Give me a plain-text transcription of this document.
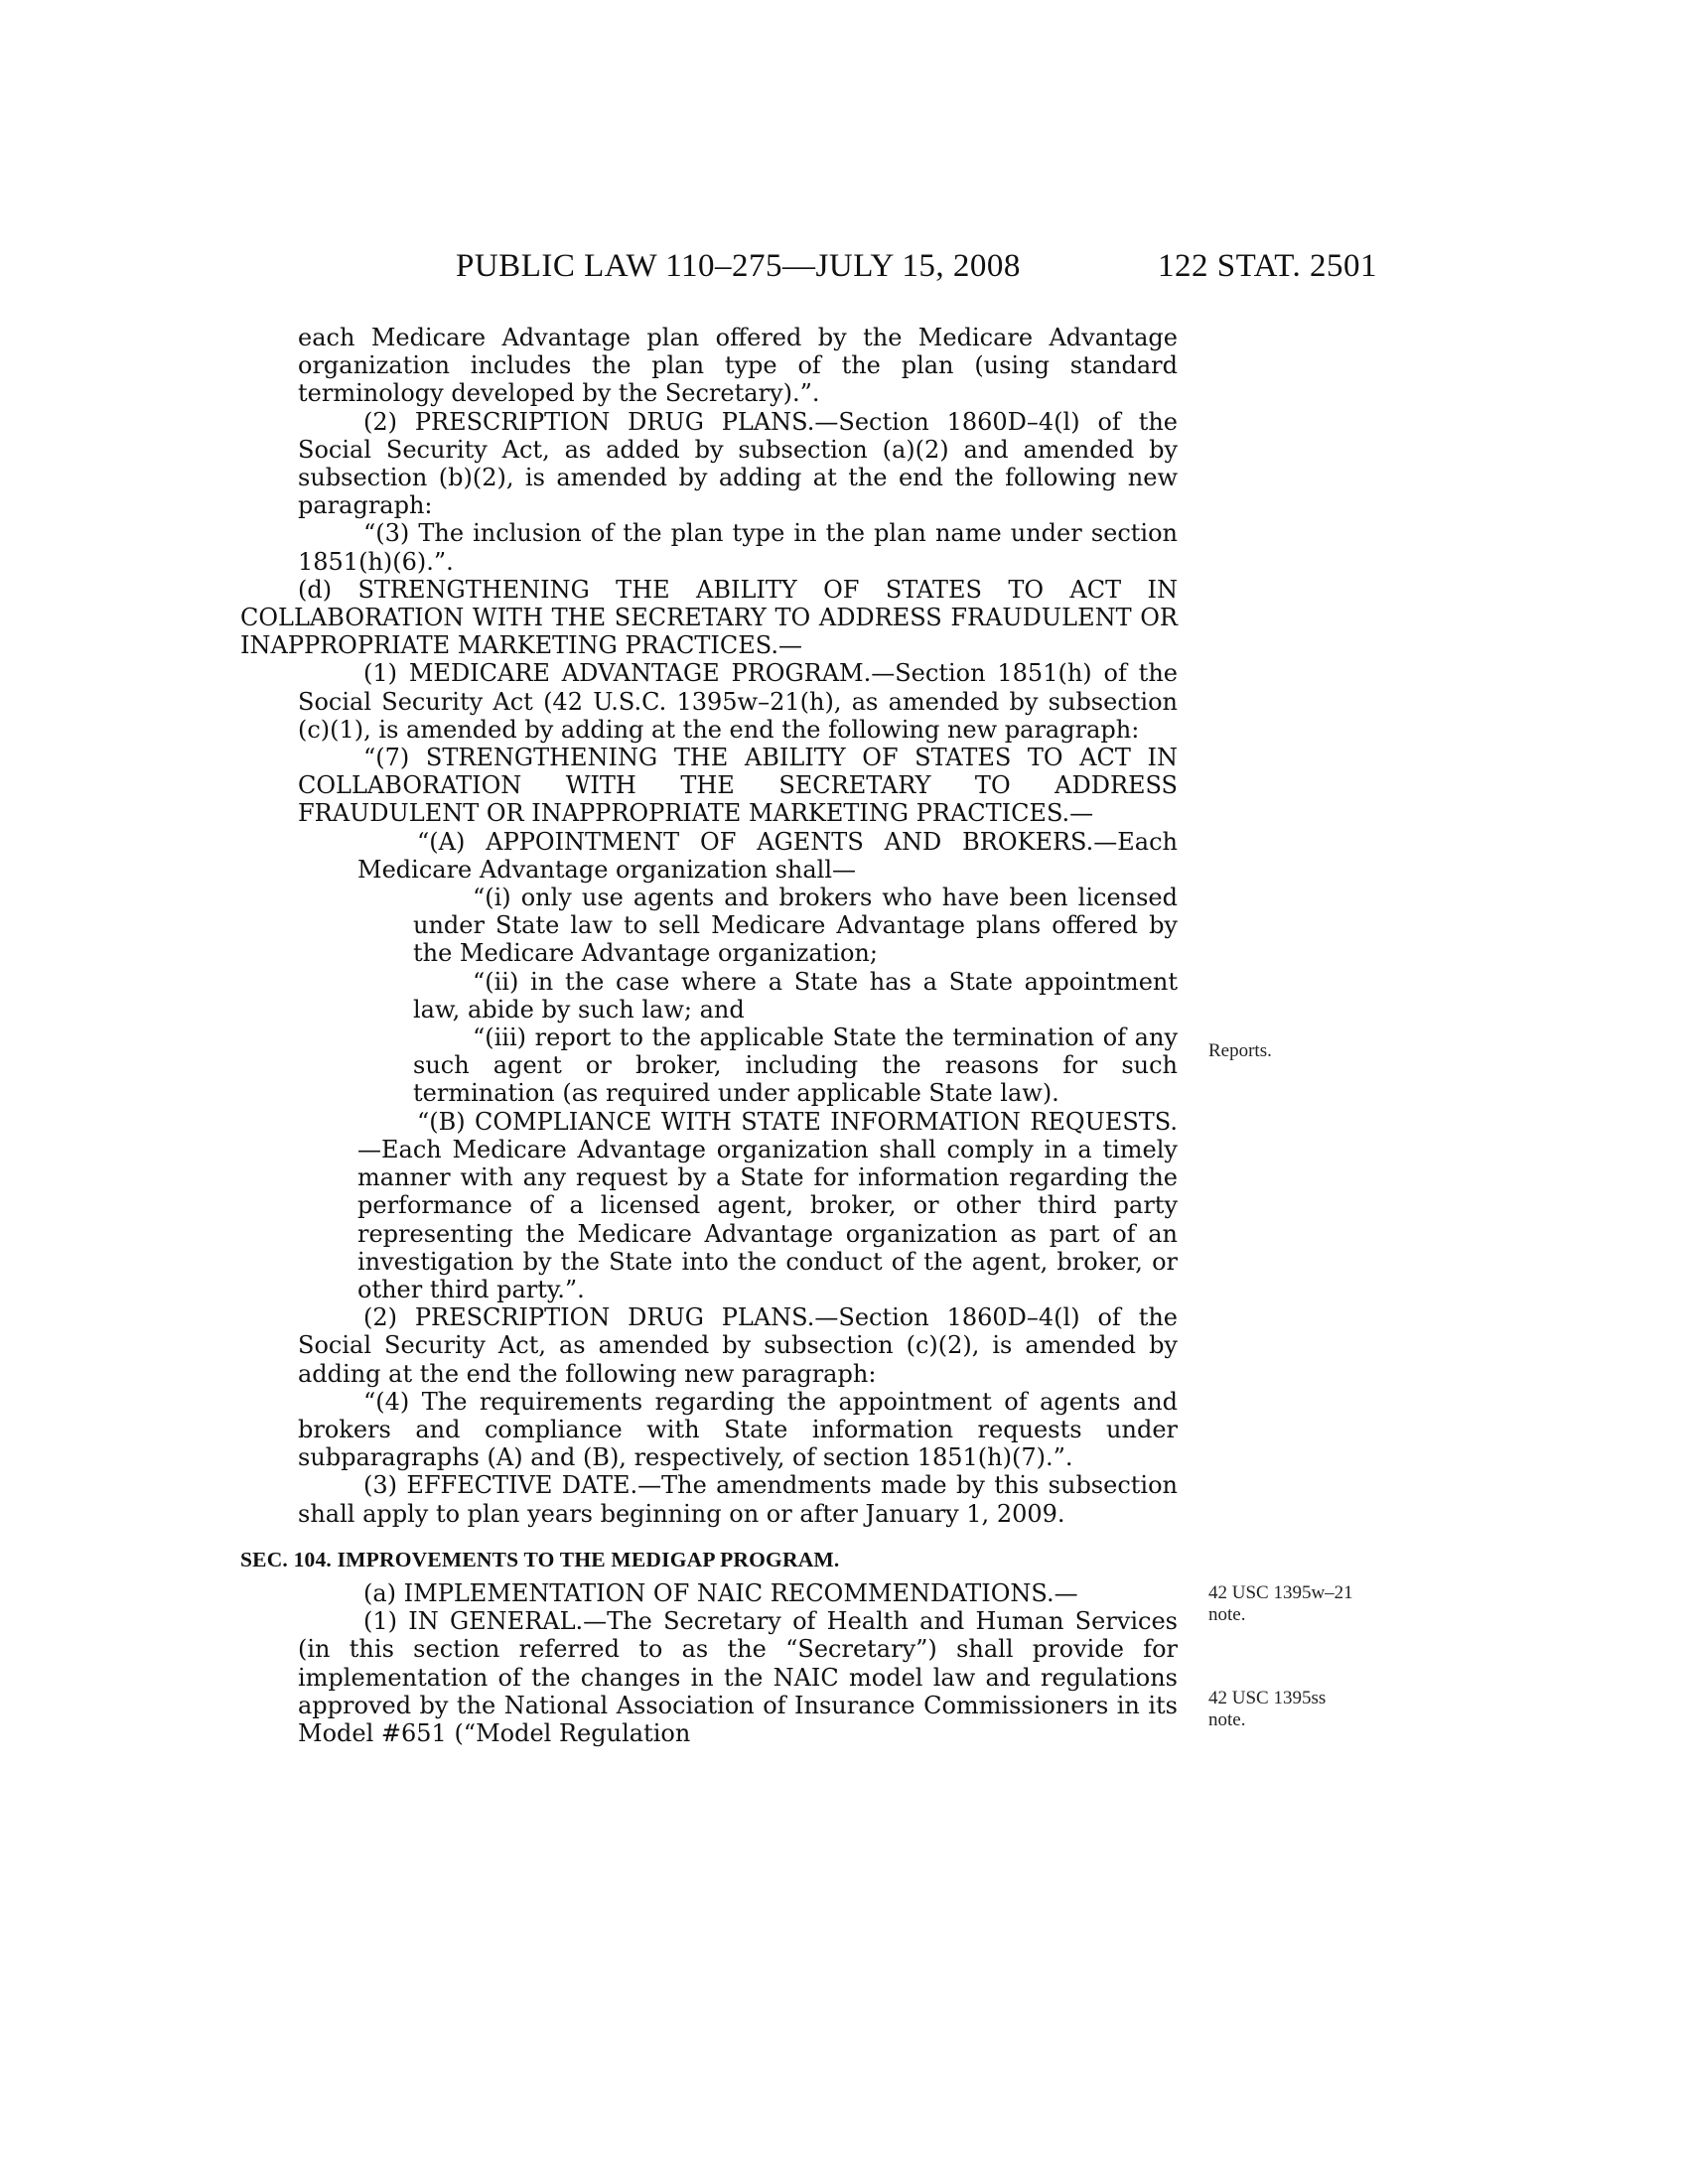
PUBLIC LAW 110–275—JULY 15, 2008	122 STAT. 2501

each Medicare Advantage plan offered by the Medicare Advantage organization includes the plan type of the plan (using standard terminology developed by the Secretary).”.

(2) PRESCRIPTION DRUG PLANS.—Section 1860D–4(l) of the Social Security Act, as added by subsection (a)(2) and amended by subsection (b)(2), is amended by adding at the end the following new paragraph:

“(3) The inclusion of the plan type in the plan name under section 1851(h)(6).”.

(d) STRENGTHENING THE ABILITY OF STATES TO ACT IN COLLABORATION WITH THE SECRETARY TO ADDRESS FRAUDULENT OR INAPPROPRIATE MARKETING PRACTICES.—

(1) MEDICARE ADVANTAGE PROGRAM.—Section 1851(h) of the Social Security Act (42 U.S.C. 1395w–21(h), as amended by subsection (c)(1), is amended by adding at the end the following new paragraph:

“(7) STRENGTHENING THE ABILITY OF STATES TO ACT IN COLLABORATION WITH THE SECRETARY TO ADDRESS FRAUDULENT OR INAPPROPRIATE MARKETING PRACTICES.—

“(A) APPOINTMENT OF AGENTS AND BROKERS.—Each Medicare Advantage organization shall—

“(i) only use agents and brokers who have been licensed under State law to sell Medicare Advantage plans offered by the Medicare Advantage organization;

“(ii) in the case where a State has a State appointment law, abide by such law; and

“(iii) report to the applicable State the termination of any such agent or broker, including the reasons for such termination (as required under applicable State law).

“(B) COMPLIANCE WITH STATE INFORMATION REQUESTS.—Each Medicare Advantage organization shall comply in a timely manner with any request by a State for information regarding the performance of a licensed agent, broker, or other third party representing the Medicare Advantage organization as part of an investigation by the State into the conduct of the agent, broker, or other third party.”.

(2) PRESCRIPTION DRUG PLANS.—Section 1860D–4(l) of the Social Security Act, as amended by subsection (c)(2), is amended by adding at the end the following new paragraph:

“(4) The requirements regarding the appointment of agents and brokers and compliance with State information requests under subparagraphs (A) and (B), respectively, of section 1851(h)(7).”.

(3) EFFECTIVE DATE.—The amendments made by this subsection shall apply to plan years beginning on or after January 1, 2009.

SEC. 104. IMPROVEMENTS TO THE MEDIGAP PROGRAM.

(a) IMPLEMENTATION OF NAIC RECOMMENDATIONS.—

(1) IN GENERAL.—The Secretary of Health and Human Services (in this section referred to as the “Secretary”) shall provide for implementation of the changes in the NAIC model law and regulations approved by the National Association of Insurance Commissioners in its Model #651 (“Model Regulation

Reports.
42 USC 1395w–21 note.
42 USC 1395ss note.
